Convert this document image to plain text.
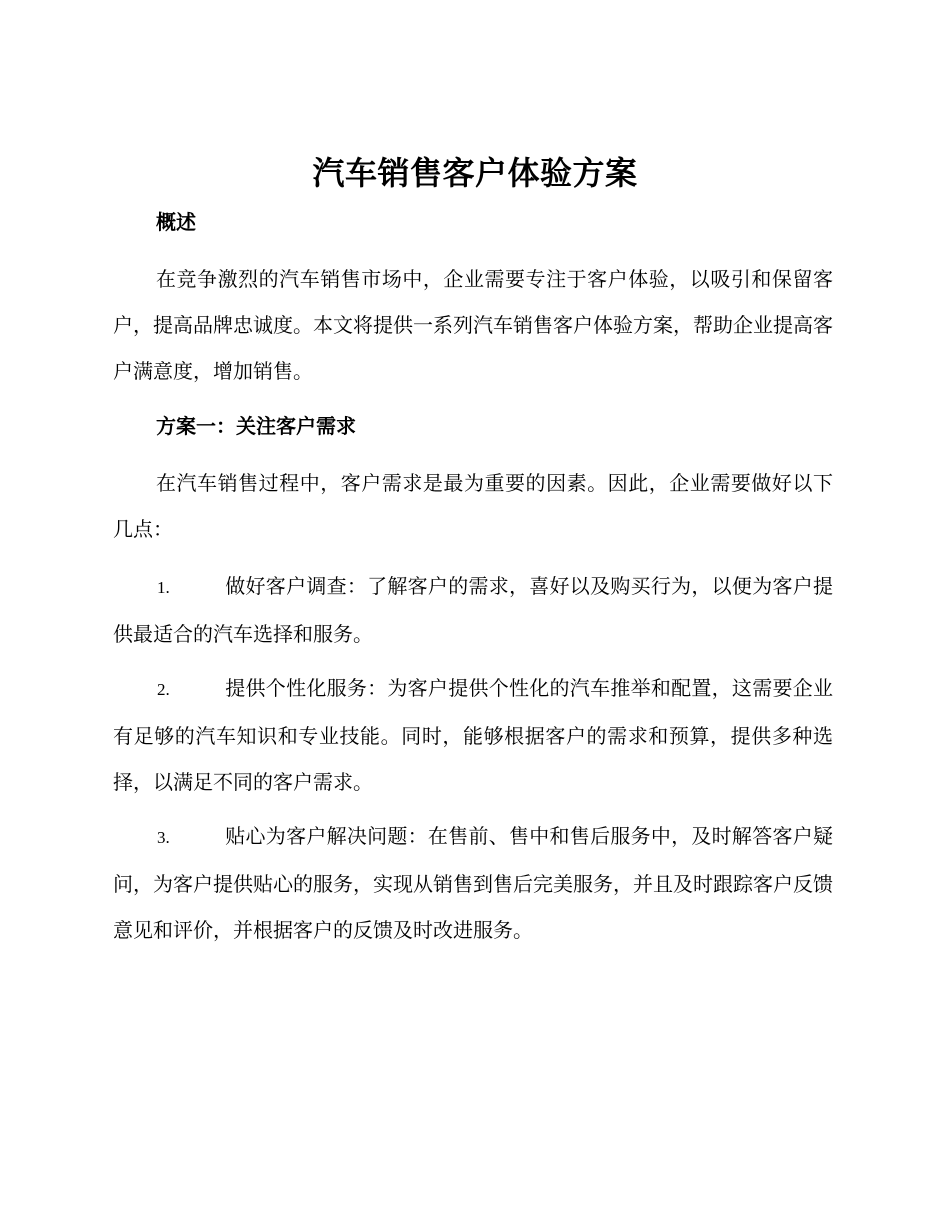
汽车销售客户体验方案
概述
在竞争激烈的汽车销售市场中，企业需要专注于客户体验，以吸引和保留客户，提高品牌忠诚度。本文将提供一系列汽车销售客户体验方案，帮助企业提高客户满意度，增加销售。
方案一：关注客户需求
在汽车销售过程中，客户需求是最为重要的因素。因此，企业需要做好以下几点：
1.	做好客户调查：了解客户的需求，喜好以及购买行为，以便为客户提供最适合的汽车选择和服务。
2.	提供个性化服务：为客户提供个性化的汽车推举和配置，这需要企业有足够的汽车知识和专业技能。同时，能够根据客户的需求和预算，提供多种选择，以满足不同的客户需求。
3.	贴心为客户解决问题：在售前、售中和售后服务中，及时解答客户疑问，为客户提供贴心的服务，实现从销售到售后完美服务，并且及时跟踪客户反馈意见和评价，并根据客户的反馈及时改进服务。
